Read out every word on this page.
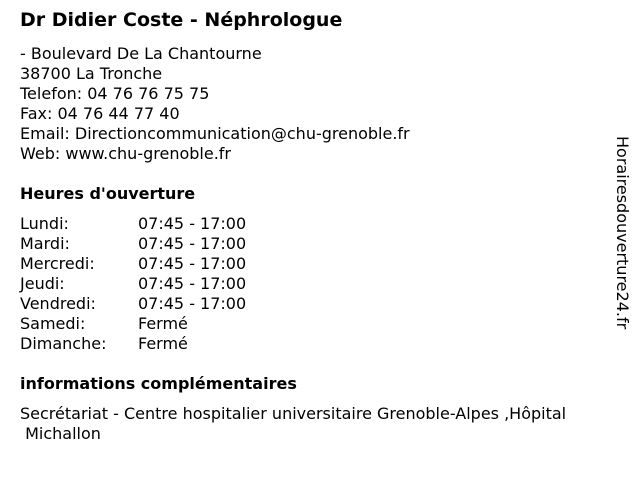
Dr Didier Coste - Néphrologue
- Boulevard De La Chantourne
38700 La Tronche
Telefon: 04 76 76 75 75
Fax: 04 76 44 77 40
Email: Directioncommunication@chu-grenoble.fr
Web: www.chu-grenoble.fr
Heures d'ouverture
Lundi:	07:45 - 17:00
Mardi:	07:45 - 17:00
Mercredi:	07:45 - 17:00
Jeudi:	07:45 - 17:00
Vendredi:	07:45 - 17:00
Samedi:	Fermé
Dimanche: Fermé
informations complémentaires
Secrétariat - Centre hospitalier universitaire Grenoble-Alpes ,Hôpital
Michallon
Horairesdouverture24.fr
